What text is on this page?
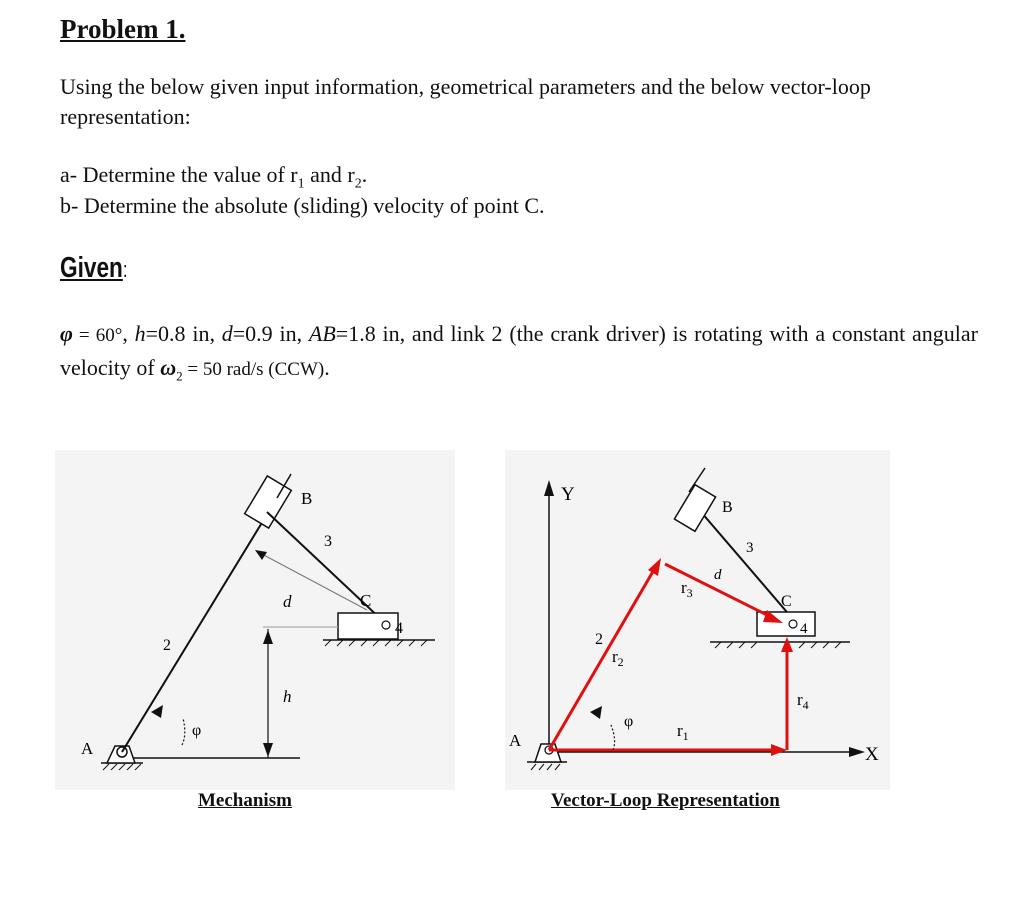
Problem 1.
Using the below given input information, geometrical parameters and the below vector-loop representation:
a- Determine the value of $r_1$ and $r_2$.
b- Determine the absolute (sliding) velocity of point C.
Given:
φ = 60°, h=0.8 in, d=0.9 in, AB=1.8 in, and link 2 (the crank driver) is rotating with a constant angular velocity of $\omega_2 = 50$ rad/s (CCW).
A
B
C
2
3
4
d
h
φ
Mechanism
A
Y
X
B
C
2
3
4
d
φ
$r_3$
$r_2$
$r_1$
$r_4$
Vector-Loop Representation
